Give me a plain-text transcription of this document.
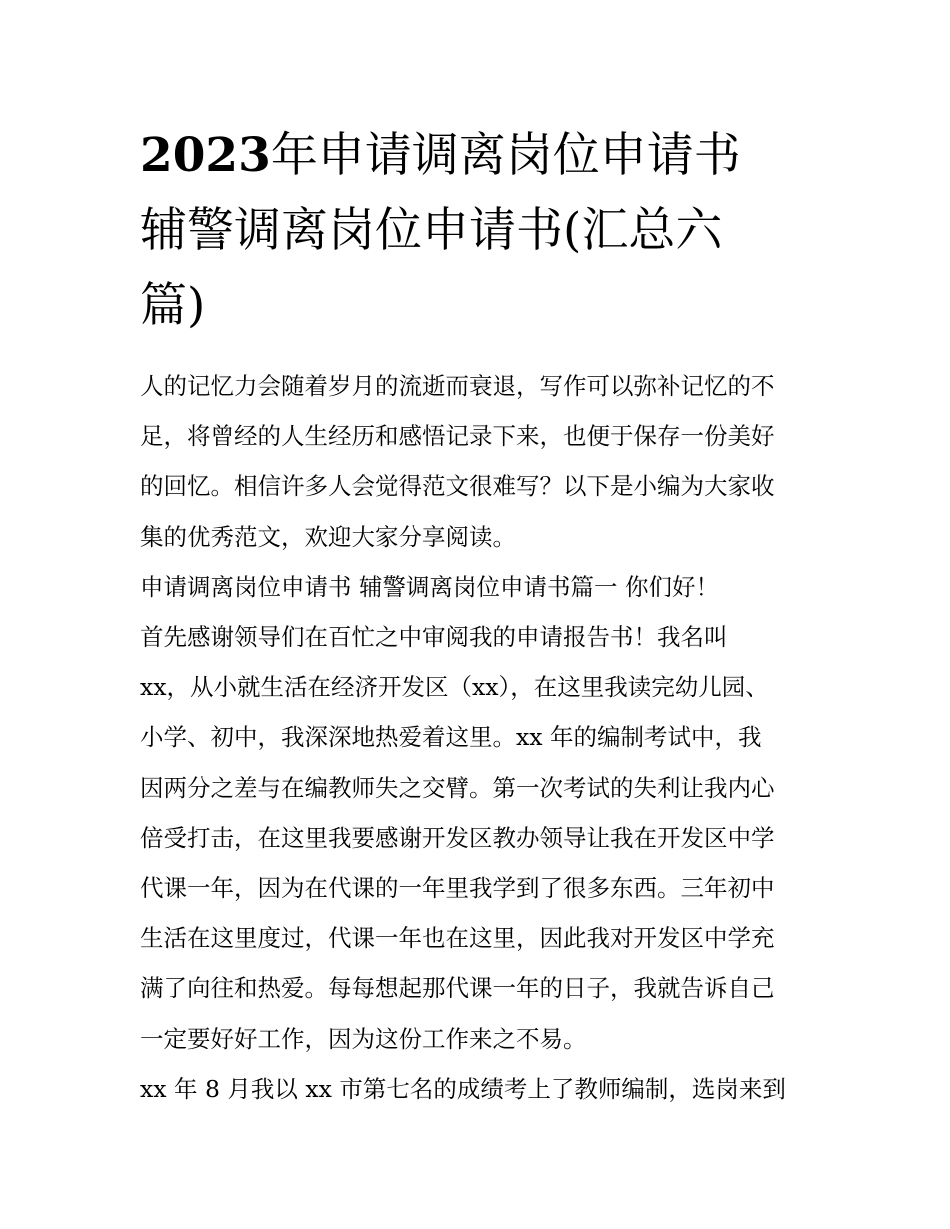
2023年申请调离岗位申请书
辅警调离岗位申请书(汇总六
篇)
人的记忆力会随着岁月的流逝而衰退，写作可以弥补记忆的不
足，将曾经的人生经历和感悟记录下来，也便于保存一份美好
的回忆。相信许多人会觉得范文很难写？以下是小编为大家收
集的优秀范文，欢迎大家分享阅读。
申请调离岗位申请书 辅警调离岗位申请书篇一 你们好！
首先感谢领导们在百忙之中审阅我的申请报告书！我名叫
xx，从小就生活在经济开发区（xx），在这里我读完幼儿园、
小学、初中，我深深地热爱着这里。xx 年的编制考试中，我
因两分之差与在编教师失之交臂。第一次考试的失利让我内心
倍受打击，在这里我要感谢开发区教办领导让我在开发区中学
代课一年，因为在代课的一年里我学到了很多东西。三年初中
生活在这里度过，代课一年也在这里，因此我对开发区中学充
满了向往和热爱。每每想起那代课一年的日子，我就告诉自己
一定要好好工作，因为这份工作来之不易。
xx 年 8 月我以 xx 市第七名的成绩考上了教师编制，选岗来到
